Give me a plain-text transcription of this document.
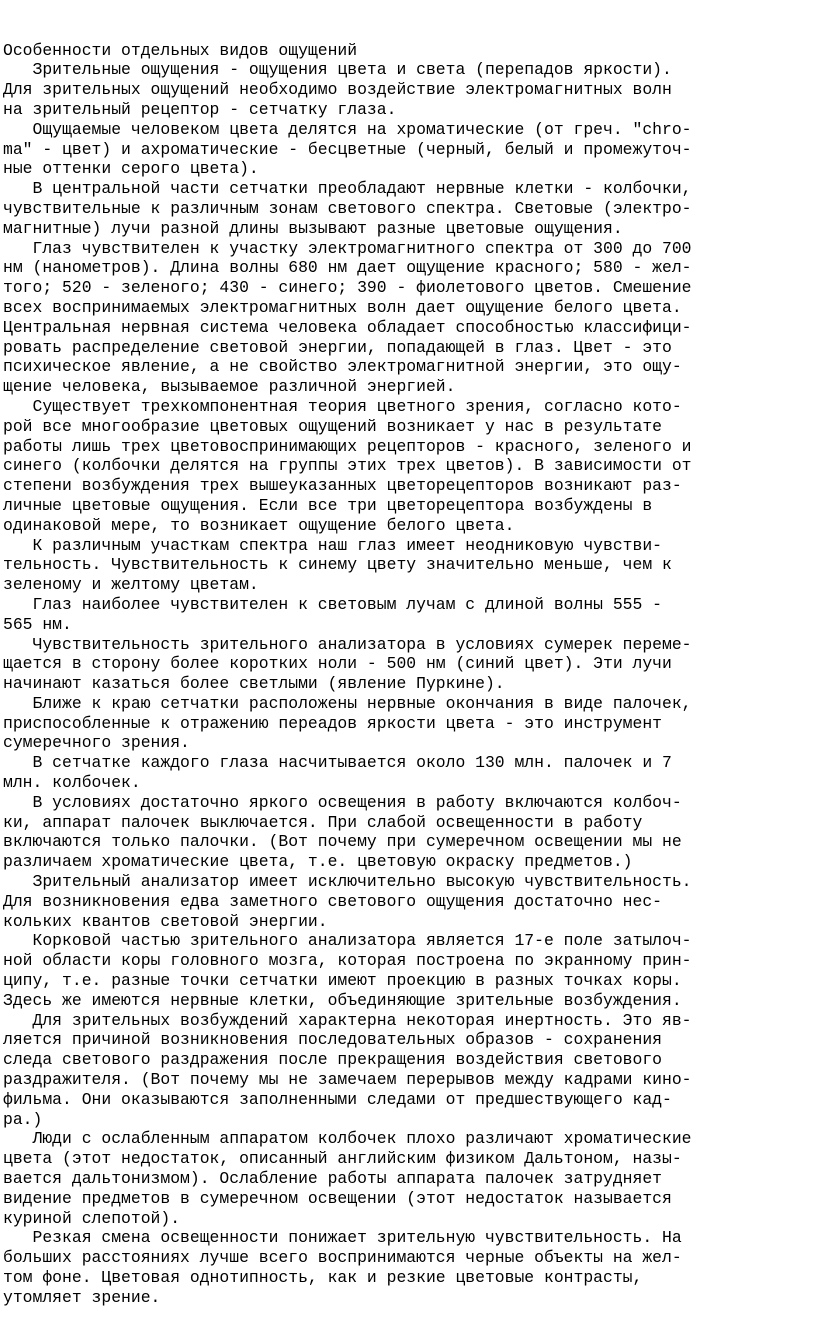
Особенности отдельных видов ощущений
Зрительные ощущения - ощущения цвета и света (перепадов яркости).
Для зрительных ощущений необходимо воздействие электромагнитных волн
на зрительный рецептор - сетчатку глаза.
Ощущаемые человеком цвета делятся на хроматические (от греч. "chro-
ma" - цвет) и ахроматические - бесцветные (черный, белый и промежуточ-
ные оттенки серого цвета).
В центральной части сетчатки преобладают нервные клетки - колбочки,
чувствительные к различным зонам светового спектра. Световые (электро-
магнитные) лучи разной длины вызывают разные цветовые ощущения.
Глаз чувствителен к участку электромагнитного спектра от 300 до 700
нм (нанометров). Длина волны 680 нм дает ощущение красного; 580 - жел-
того; 520 - зеленого; 430 - синего; 390 - фиолетового цветов. Смешение
всех воспринимаемых электромагнитных волн дает ощущение белого цвета.
Центральная нервная система человека обладает способностью классифици-
ровать распределение световой энергии, попадающей в глаз. Цвет - это
психическое явление, а не свойство электромагнитной энергии, это ощу-
щение человека, вызываемое различной энергией.
Существует трехкомпонентная теория цветного зрения, согласно кото-
рой все многообразие цветовых ощущений возникает у нас в результате
работы лишь трех цветовоспринимающих рецепторов - красного, зеленого и
синего (колбочки делятся на группы этих трех цветов). В зависимости от
степени возбуждения трех вышеуказанных цветорецепторов возникают раз-
личные цветовые ощущения. Если все три цветорецептора возбуждены в
одинаковой мере, то возникает ощущение белого цвета.
К различным участкам спектра наш глаз имеет неодниковую чувстви-
тельность. Чувствительность к синему цвету значительно меньше, чем к
зеленому и желтому цветам.
Глаз наиболее чувствителен к световым лучам с длиной волны 555 -
565 нм.
Чувствительность зрительного анализатора в условиях сумерек переме-
щается в сторону более коротких ноли - 500 нм (синий цвет). Эти лучи
начинают казаться более светлыми (явление Пуркине).
Ближе к краю сетчатки расположены нервные окончания в виде палочек,
приспособленные к отражению переадов яркости цвета - это инструмент
сумеречного зрения.
В сетчатке каждого глаза насчитывается около 130 млн. палочек и 7
млн. колбочек.
В условиях достаточно яркого освещения в работу включаются колбоч-
ки, аппарат палочек выключается. При слабой освещенности в работу
включаются только палочки. (Вот почему при сумеречном освещении мы не
различаем хроматические цвета, т.е. цветовую окраску предметов.)
Зрительный анализатор имеет исключительно высокую чувствительность.
Для возникновения едва заметного светового ощущения достаточно нес-
кольких квантов световой энергии.
Корковой частью зрительного анализатора является 17-е поле затылоч-
ной области коры головного мозга, которая построена по экранному прин-
ципу, т.е. разные точки сетчатки имеют проекцию в разных точках коры.
Здесь же имеются нервные клетки, объединяющие зрительные возбуждения.
Для зрительных возбуждений характерна некоторая инертность. Это яв-
ляется причиной возникновения последовательных образов - сохранения
следа светового раздражения после прекращения воздействия светового
раздражителя. (Вот почему мы не замечаем перерывов между кадрами кино-
фильма. Они оказываются заполненными следами от предшествующего кад-
ра.)
Люди с ослабленным аппаратом колбочек плохо различают хроматические
цвета (этот недостаток, описанный английским физиком Дальтоном, назы-
вается дальтонизмом). Ослабление работы аппарата палочек затрудняет
видение предметов в сумеречном освещении (этот недостаток называется
куриной слепотой).
Резкая смена освещенности понижает зрительную чувствительность. На
больших расстояниях лучше всего воспринимаются черные объекты на жел-
том фоне. Цветовая однотипность, как и резкие цветовые контрасты,
утомляет зрение.
